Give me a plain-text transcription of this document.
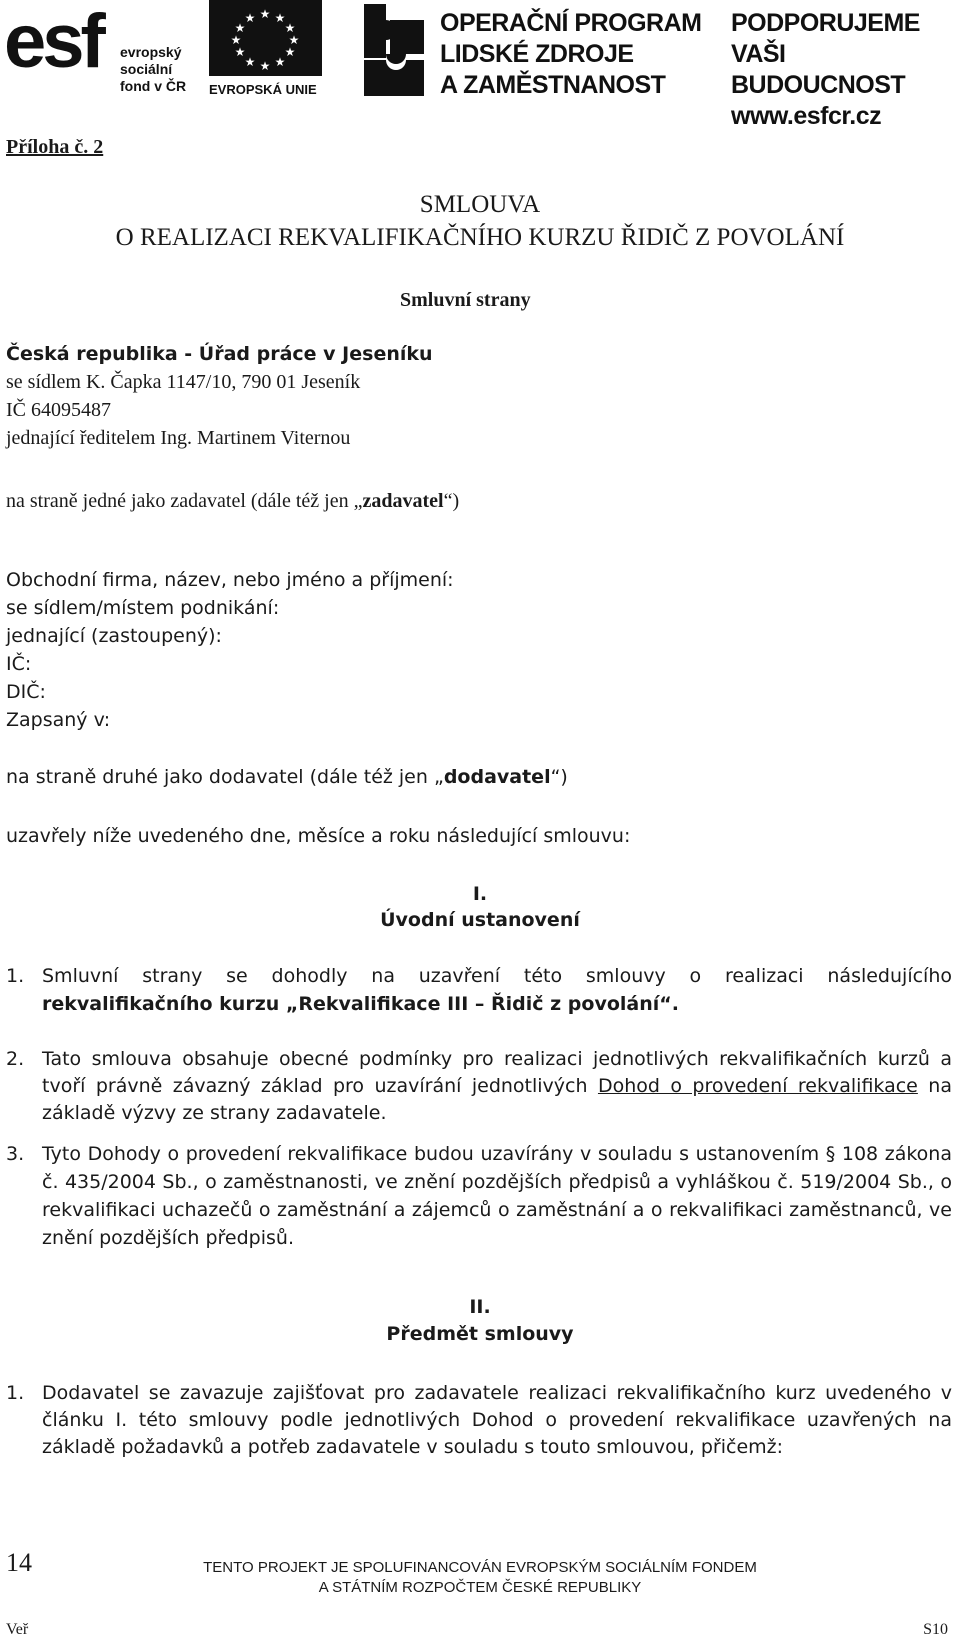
esf evropský
sociální
fond v ČR
★ ★
★
★
★
★
★
★
★
★
★
★
EVROPSKÁ UNIE
OPERAČNÍ PROGRAM
LIDSKÉ ZDROJE
A ZAMĚSTNANOST
PODPORUJEME
VAŠI BUDOUCNOST
www.esfcr.cz
Příloha č. 2
SMLOUVA
O REALIZACI REKVALIFIKAČNÍHO KURZU ŘIDIČ Z POVOLÁNÍ
Smluvní strany
Česká republika - Úřad práce v Jeseníku
se sídlem K. Čapka 1147/10, 790 01 Jeseník
IČ 64095487
jednající ředitelem Ing. Martinem Viternou
na straně jedné jako zadavatel (dále též jen „zadavatel“)
Obchodní firma, název, nebo jméno a příjmení:
se sídlem/místem podnikání:
jednající (zastoupený):
IČ:
DIČ:
Zapsaný v:
na straně druhé jako dodavatel (dále též jen „dodavatel“)
uzavřely níže uvedeného dne, měsíce a roku následující smlouvu:
I.
Úvodní ustanovení
1. Smluvní strany se dohodly na uzavření této smlouvy o realizaci následujícího
rekvalifikačního kurzu „Rekvalifikace III – Řidič z povolání“.
2. Tato smlouva obsahuje obecné podmínky pro realizaci jednotlivých rekvalifikačních kurzů a tvoří právně závazný základ pro uzavírání jednotlivých Dohod o provedení rekvalifikace na základě výzvy ze strany zadavatele.
3. Tyto Dohody o provedení rekvalifikace budou uzavírány v souladu s ustanovením § 108 zákona č. 435/2004 Sb., o zaměstnanosti, ve znění pozdějších předpisů a vyhláškou č. 519/2004 Sb., o rekvalifikaci uchazečů o zaměstnání a zájemců o zaměstnání a o rekvalifikaci zaměstnanců, ve znění pozdějších předpisů.
II.
Předmět smlouvy
1. Dodavatel se zavazuje zajišťovat pro zadavatele realizaci rekvalifikačního kurz uvedeného v článku I. této smlouvy podle jednotlivých Dohod o provedení rekvalifikace uzavřených na základě požadavků a potřeb zadavatele v souladu s touto smlouvou, přičemž:
14	TENTO PROJEKT JE SPOLUFINANCOVÁN EVROPSKÝM SOCIÁLNÍM FONDEM
A STÁTNÍM ROZPOČTEM ČESKÉ REPUBLIKY
Veř	S10
